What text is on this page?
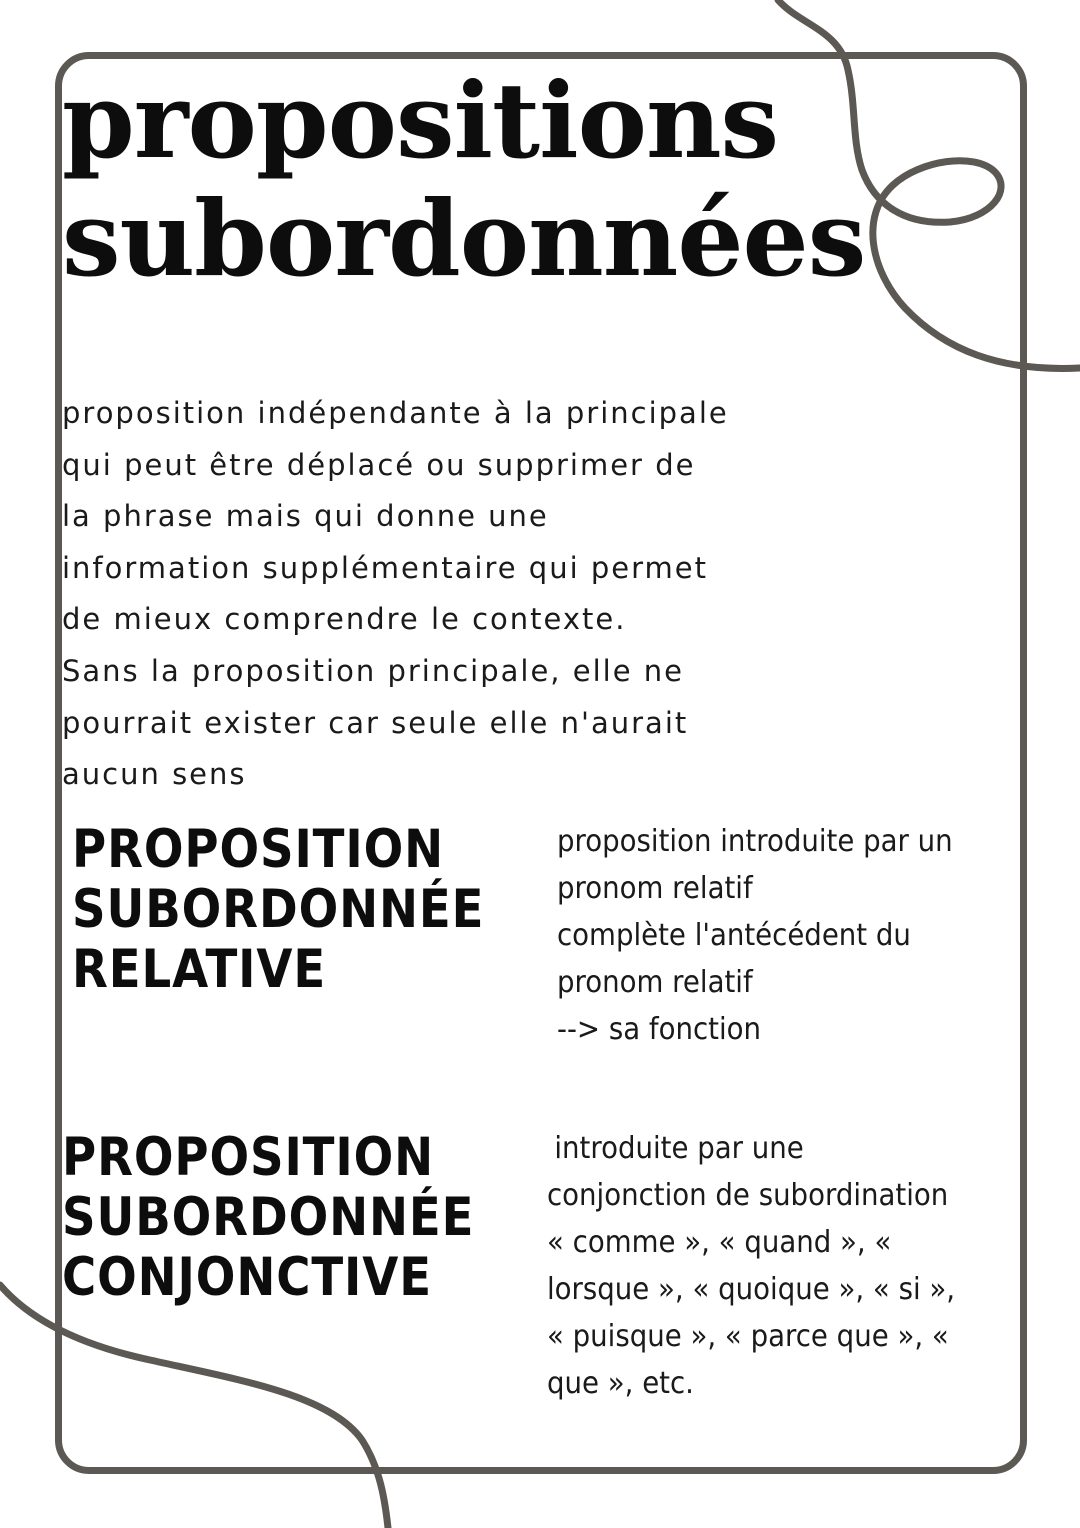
propositions
subordonnées

proposition indépendante à la principale
qui peut être déplacé ou supprimer de
la phrase mais qui donne une
information supplémentaire qui permet
de mieux comprendre le contexte.
Sans la proposition principale, elle ne
pourrait exister car seule elle n'aurait
aucun sens

PROPOSITION
SUBORDONNÉE
RELATIVE

proposition introduite par un
pronom relatif
complète l'antécédent du
pronom relatif
--> sa fonction

PROPOSITION
SUBORDONNÉE
CONJONCTIVE

introduite par une
conjonction de subordination
« comme », « quand », «
lorsque », « quoique », « si »,
« puisque », « parce que », «
que », etc.
